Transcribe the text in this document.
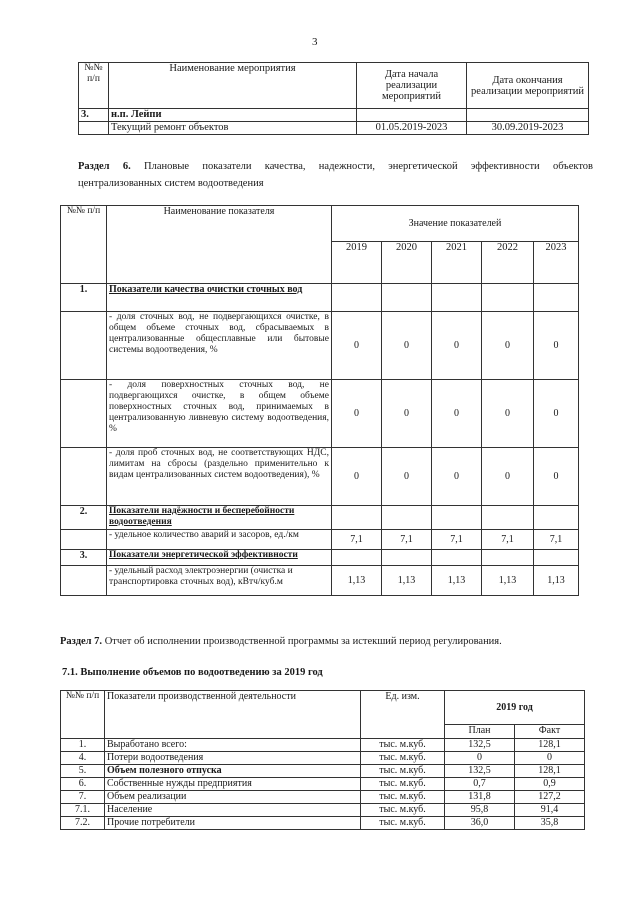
3
№№ п/п	Наименование мероприятия	Дата начала реализации мероприятий	Дата окончания реализации мероприятий
3.	н.п. Лейпи		
	Текущий ремонт объектов	01.05.2019-2023	30.09.2019-2023
Раздел 6. Плановые показатели качества, надежности, энергетической эффективности объектов централизованных систем водоотведения
№№ п/п	Наименование показателя	Значение показателей				
		2019	2020	2021	2022	2023
1.	Показатели качества очистки сточных вод					
	- доля сточных вод, не подвергающихся очистке, в общем объеме сточных вод, сбрасываемых в централизованные общесплавные или бытовые системы водоотведения, %	0	0	0	0	0
	- доля поверхностных сточных вод, не подвергающихся очистке, в общем объеме поверхностных сточных вод, принимаемых в централизованную ливневую систему водоотведения, %	0	0	0	0	0
	- доля проб сточных вод, не соответствующих НДС, лимитам на сбросы (раздельно применительно к видам централизованных систем водоотведения), %	0	0	0	0	0
2.	Показатели надёжности и бесперебойности водоотведения					
	- удельное количество аварий и засоров, ед./км	7,1	7,1	7,1	7,1	7,1
3.	Показатели энергетической эффективности					
	- удельный расход электроэнергии (очистка и транспортировка сточных вод), кВтч/куб.м	1,13	1,13	1,13	1,13	1,13
Раздел 7. Отчет об исполнении производственной программы за истекший период регулирования.
7.1. Выполнение объемов по водоотведению за 2019 год
№№ п/п	Показатели производственной деятельности	Ед. изм.	2019 год	
			План	Факт
1.	Выработано всего:	тыс. м.куб.	132,5	128,1
4.	Потери водоотведения	тыс. м.куб.	0	0
5.	Объем полезного отпуска	тыс. м.куб.	132,5	128,1
6.	Собственные нужды предприятия	тыс. м.куб.	0,7	0,9
7.	Объем реализации	тыс. м.куб.	131,8	127,2
7.1.	Население	тыс. м.куб.	95,8	91,4
7.2.	Прочие потребители	тыс. м.куб.	36,0	35,8
